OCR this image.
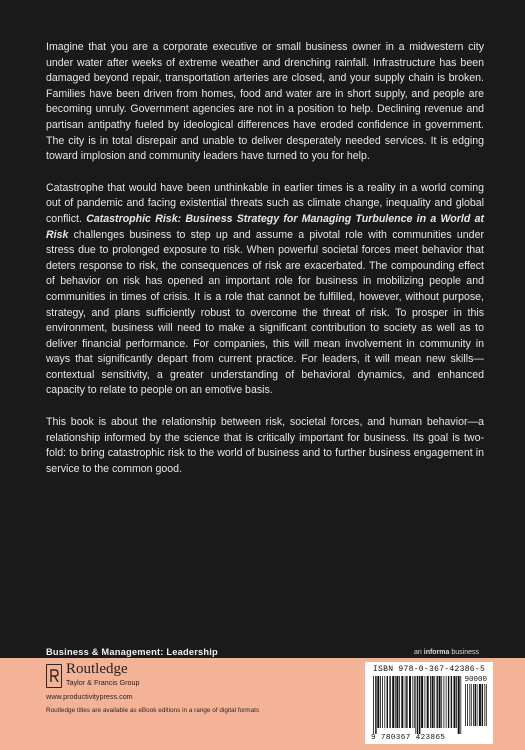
Imagine that you are a corporate executive or small business owner in a midwestern city under water after weeks of extreme weather and drenching rainfall. Infrastructure has been damaged beyond repair, transportation arteries are closed, and your supply chain is broken. Families have been driven from homes, food and water are in short supply, and people are becoming unruly. Government agencies are not in a position to help. Declining revenue and partisan antipathy fueled by ideological differences have eroded confidence in government. The city is in total disrepair and unable to deliver desperately needed services. It is edging toward implosion and community leaders have turned to you for help.

Catastrophe that would have been unthinkable in earlier times is a reality in a world coming out of pandemic and facing existential threats such as climate change, inequality and global conflict. Catastrophic Risk: Business Strategy for Managing Turbulence in a World at Risk challenges business to step up and assume a pivotal role with communities under stress due to prolonged exposure to risk. When powerful societal forces meet behavior that deters response to risk, the consequences of risk are exacerbated. The compounding effect of behavior on risk has opened an important role for business in mobilizing people and communities in times of crisis. It is a role that cannot be fulfilled, however, without purpose, strategy, and plans sufficiently robust to overcome the threat of risk. To prosper in this environment, business will need to make a significant contribution to society as well as to deliver financial performance. For companies, this will mean involvement in community in ways that significantly depart from current practice. For leaders, it will mean new skills—contextual sensitivity, a greater understanding of behavioral dynamics, and enhanced capacity to relate to people on an emotive basis.

This book is about the relationship between risk, societal forces, and human behavior—a relationship informed by the science that is critically important for business. Its goal is two-fold: to bring catastrophic risk to the world of business and to further business engagement in service to the common good.

Business & Management: Leadership	an informa business
Routledge
Taylor & Francis Group
www.productivitypress.com
Routledge titles are available as eBook editions in a range of digital formats
ISBN 978-0-367-42386-5
90000
9 780367 423865
